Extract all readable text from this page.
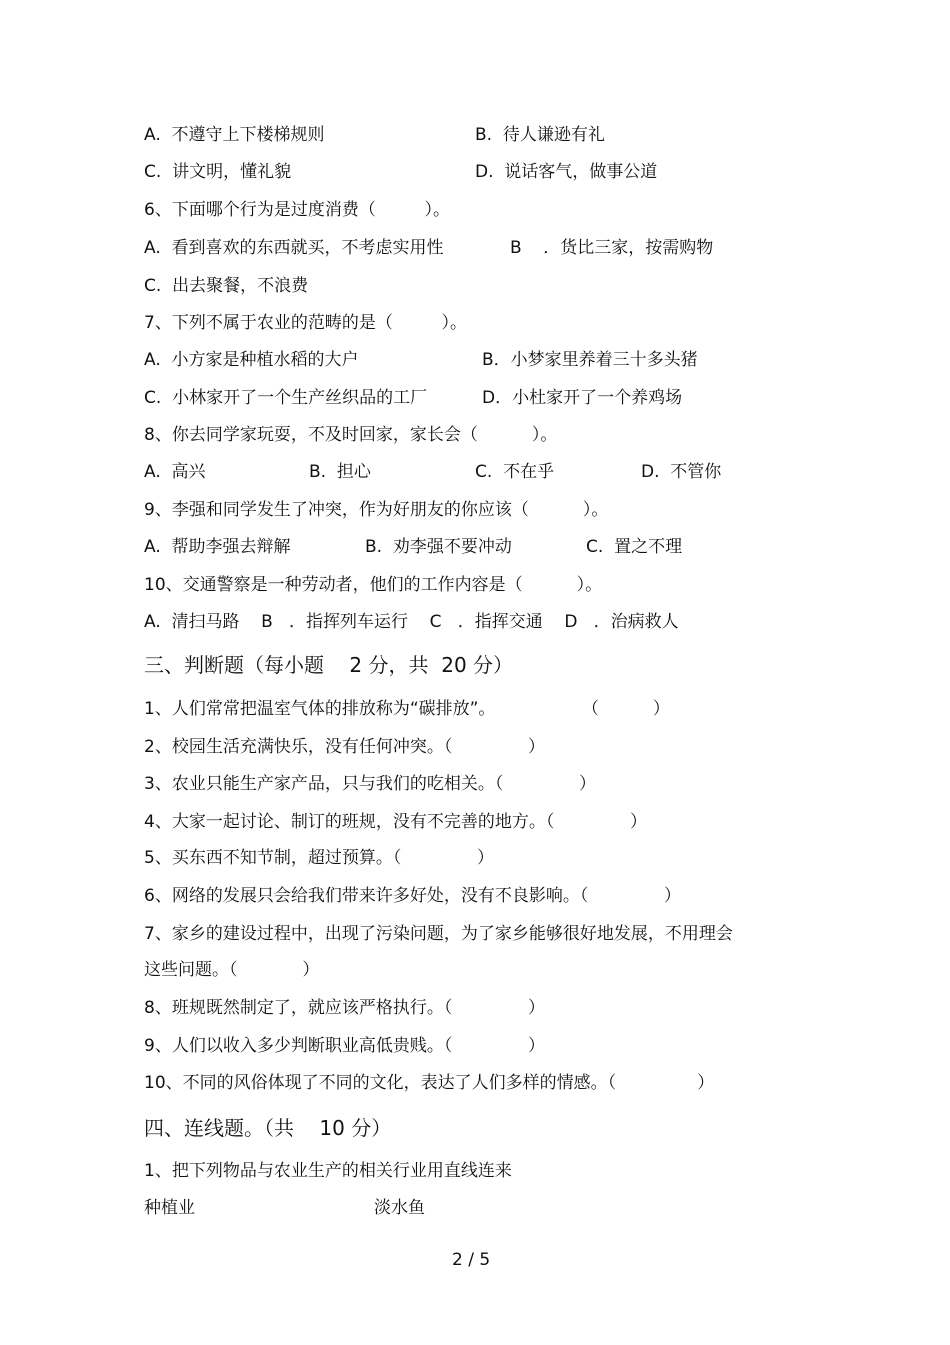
A.  不遵守上下楼梯规则	B.  待人谦逊有礼
C.  讲文明，懂礼貌	D.  说话客气，做事公道
6、下面哪个行为是过度消费（         ）。
A.  看到喜欢的东西就买，不考虑实用性	B    ．货比三家，按需购物
C.  出去聚餐，不浪费
7、下列不属于农业的范畴的是（         ）。
A.  小方家是种植水稻的大户	B．小梦家里养着三十多头猪
C.  小林家开了一个生产丝织品的工厂	D．小杜家开了一个养鸡场
8、你去同学家玩耍，不及时回家，家长会（          ）。
A.  高兴	B.  担心	C.  不在乎	D.  不管你
9、李强和同学发生了冲突，作为好朋友的你应该（          ）。
A.  帮助李强去辩解	B.  劝李强不要冲动	C.  置之不理
10、交通警察是一种劳动者，他们的工作内容是（          ）。
A.  清扫马路    B   ．指挥列车运行    C   ．指挥交通    D   ．治病救人
三、判断题（每小题    2 分，共  20 分）
1、人们常常把温室气体的排放称为“碳排放”。                （          ）
2、校园生活充满快乐，没有任何冲突。（              ）
3、农业只能生产家产品，只与我们的吃相关。（              ）
4、大家一起讨论、制订的班规，没有不完善的地方。（              ）
5、买东西不知节制，超过预算。（              ）
6、网络的发展只会给我们带来许多好处，没有不良影响。（              ）
7、家乡的建设过程中，出现了污染问题，为了家乡能够很好地发展，不用理会
这些问题。（            ）
8、班规既然制定了，就应该严格执行。（              ）
9、人们以收入多少判断职业高低贵贱。（              ）
10、不同的风俗体现了不同的文化，表达了人们多样的情感。（               ）
四、连线题。（共    10 分）
1、把下列物品与农业生产的相关行业用直线连来
种植业	淡水鱼
2 / 5
